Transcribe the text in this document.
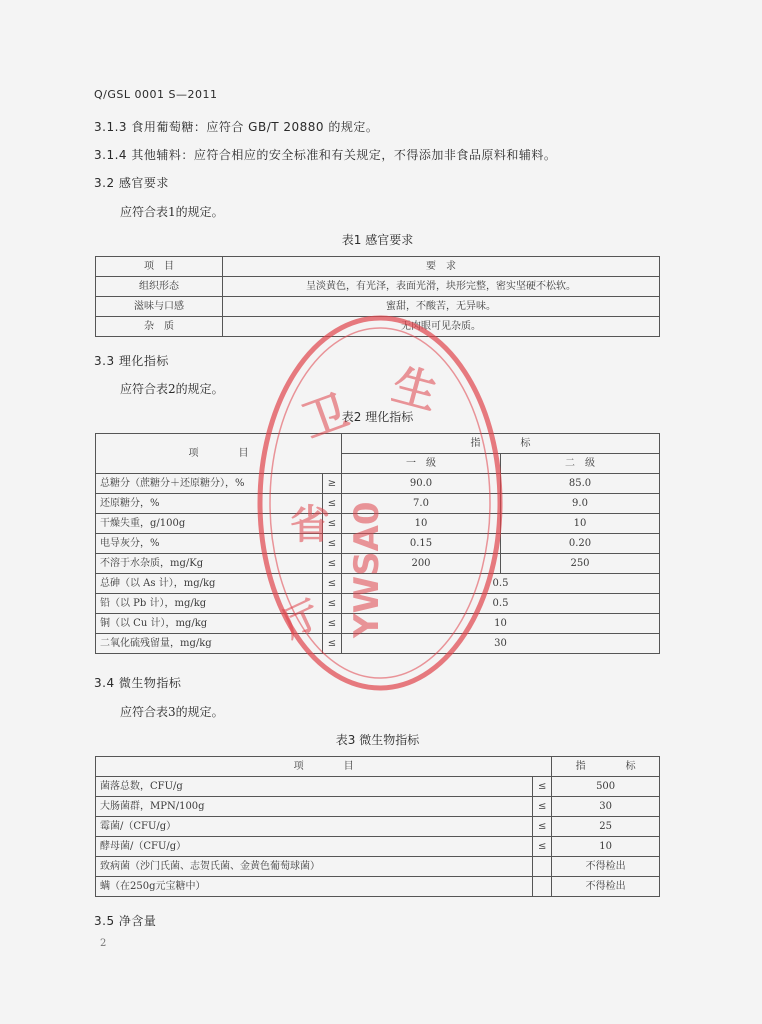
Q/GSL 0001 S—2011
3.1.3 食用葡萄糖：应符合 GB/T 20880 的规定。
3.1.4 其他辅料：应符合相应的安全标准和有关规定，不得添加非食品原料和辅料。
3.2 感官要求
应符合表1的规定。
表1 感官要求
项　目	要　求
组织形态	呈淡黄色，有光泽，表面光滑，块形完整，密实坚硬不松软。
滋味与口感	蜜甜，不酸苦，无异味。
杂　质	无肉眼可见杂质。
3.3 理化指标
应符合表2的规定。
表2 理化指标
项　　　　目		指　　　　标	
		一　级	二　级
总糖分（蔗糖分＋还原糖分），%	≥	90.0	85.0
还原糖分，%	≤	7.0	9.0
干燥失重，g/100g	≤	10	10
电导灰分，%	≤	0.15	0.20
不溶于水杂质，mg/Kg	≤	200	250
总砷（以 As 计），mg/kg	≤	0.5	
铅（以 Pb 计），mg/kg	≤	0.5	
铜（以 Cu 计），mg/kg	≤	10	
二氧化硫残留量，mg/kg	≤	30	
3.4 微生物指标
应符合表3的规定。
表3 微生物指标
项　　　　目		指　　　　标
菌落总数，CFU/g	≤	500
大肠菌群，MPN/100g	≤	30
霉菌/（CFU/g）	≤	25
酵母菌/（CFU/g）	≤	10
致病菌（沙门氏菌、志贺氏菌、金黄色葡萄球菌）		不得检出
螨（在250g元宝糖中）		不得检出
3.5 净含量
2
卫 生
省
厅 YWSA0
